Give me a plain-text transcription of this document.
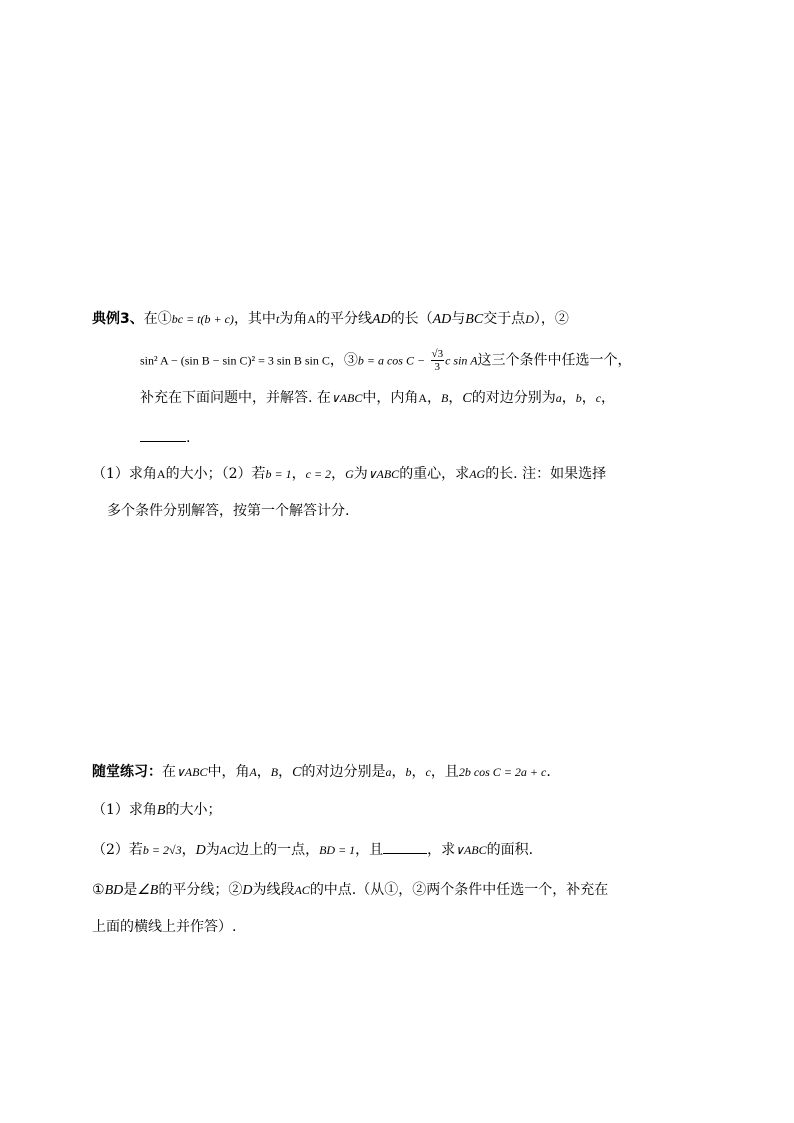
典例3、在①bc = t(b + c)，其中t为角A的平分线AD的长（AD与BC交于点D），②
sin² A − (sin B − sin C)² = 3 sin B sin C，③b = a $\cos C - \frac{√3}{3}$ c sin A这三个条件中任选一个，
补充在下面问题中，并解答. 在∨ABC中，内角A，B，C的对边分别为a，b，c，
.
（1）求角A的大小；（2）若b = 1，c = 2，G为∨ABC的重心，求AG的长. 注：如果选择
多个条件分别解答，按第一个解答计分.
随堂练习：在∨ABC中，角A，B，C的对边分别是a，b，c，且2b cos C = 2a + c.
（1）求角B的大小；
（2）若b = 2√3，D为AC边上的一点，BD = 1，且	，求∨ABC的面积.
①BD是∠B的平分线；②D为线段AC的中点.（从①，②两个条件中任选一个，补充在
上面的横线上并作答）.
